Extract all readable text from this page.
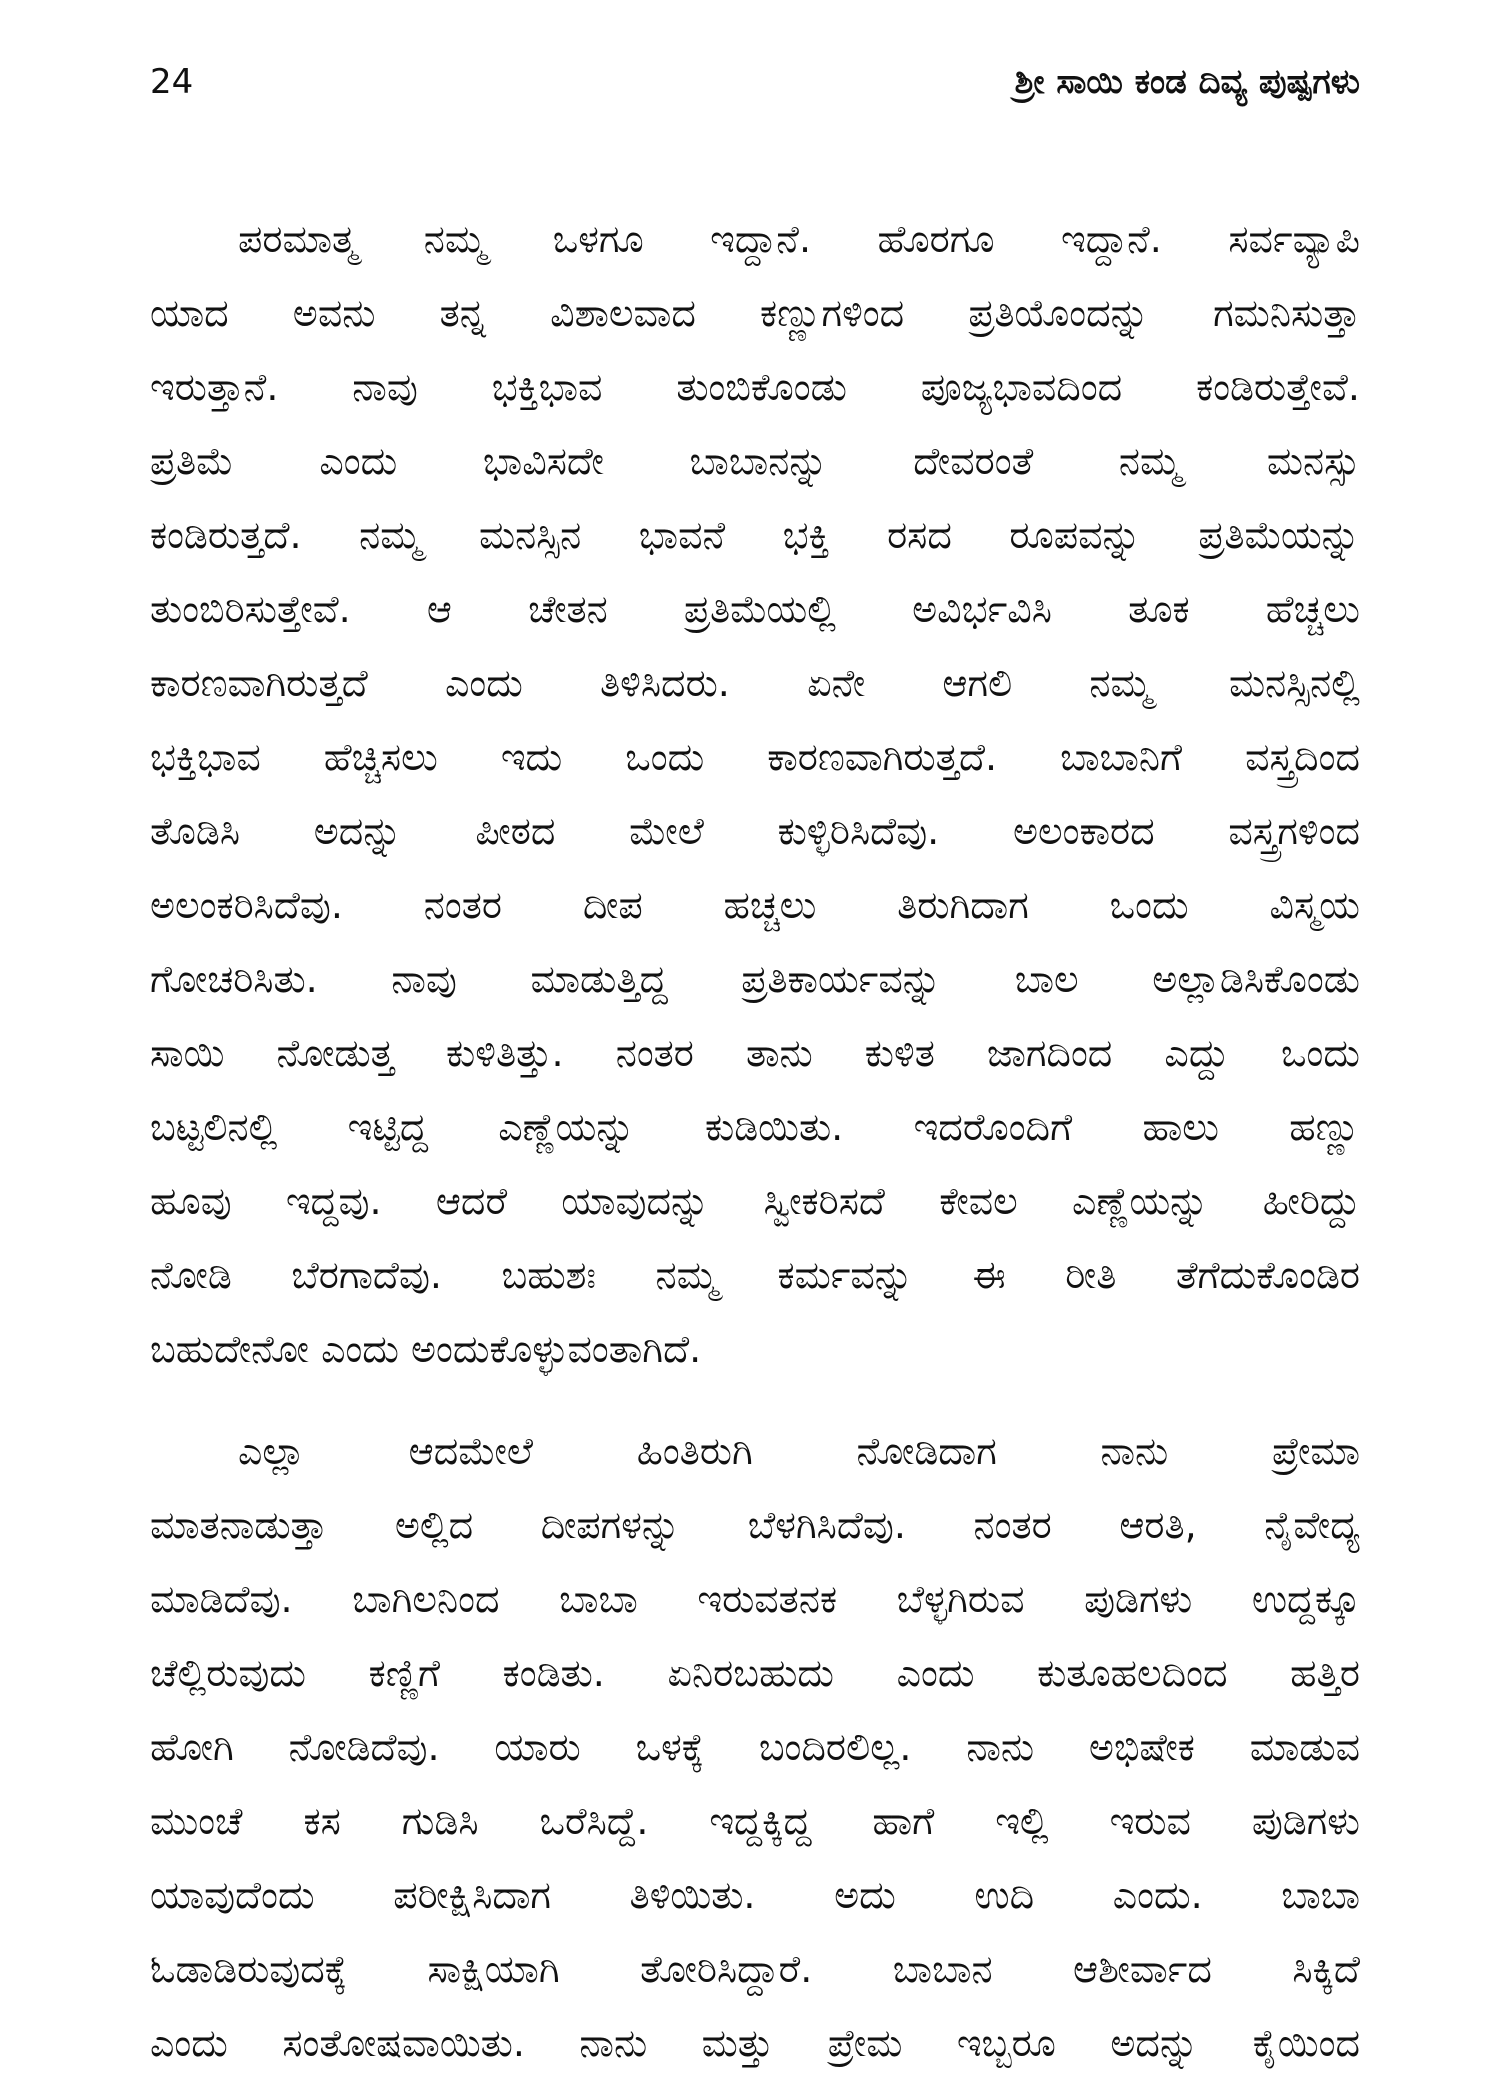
24	ಶ್ರೀ ಸಾಯಿ ಕಂಡ ದಿವ್ಯ ಪುಷ್ಪಗಳು

ಪರಮಾತ್ಮ ನಮ್ಮ ಒಳಗೂ ಇದ್ದಾನೆ. ಹೊರಗೂ ಇದ್ದಾನೆ. ಸರ್ವವ್ಯಾಪಿ
ಯಾದ ಅವನು ತನ್ನ ವಿಶಾಲವಾದ ಕಣ್ಣುಗಳಿಂದ ಪ್ರತಿಯೊಂದನ್ನು ಗಮನಿಸುತ್ತಾ
ಇರುತ್ತಾನೆ. ನಾವು ಭಕ್ತಿಭಾವ ತುಂಬಿಕೊಂಡು ಪೂಜ್ಯಭಾವದಿಂದ ಕಂಡಿರುತ್ತೇವೆ.
ಪ್ರತಿಮೆ ಎಂದು ಭಾವಿಸದೇ ಬಾಬಾನನ್ನು ದೇವರಂತೆ ನಮ್ಮ ಮನಸ್ಸು
ಕಂಡಿರುತ್ತದೆ. ನಮ್ಮ ಮನಸ್ಸಿನ ಭಾವನೆ ಭಕ್ತಿ ರಸದ ರೂಪವನ್ನು ಪ್ರತಿಮೆಯನ್ನು
ತುಂಬಿರಿಸುತ್ತೇವೆ. ಆ ಚೇತನ ಪ್ರತಿಮೆಯಲ್ಲಿ ಅವಿರ್ಭವಿಸಿ ತೂಕ ಹೆಚ್ಚಲು
ಕಾರಣವಾಗಿರುತ್ತದೆ ಎಂದು ತಿಳಿಸಿದರು. ಏನೇ ಆಗಲಿ ನಮ್ಮ ಮನಸ್ಸಿನಲ್ಲಿ
ಭಕ್ತಿಭಾವ ಹೆಚ್ಚಿಸಲು ಇದು ಒಂದು ಕಾರಣವಾಗಿರುತ್ತದೆ. ಬಾಬಾನಿಗೆ ವಸ್ತ್ರದಿಂದ
ತೊಡಿಸಿ ಅದನ್ನು ಪೀಠದ ಮೇಲೆ ಕುಳ್ಳಿರಿಸಿದೆವು. ಅಲಂಕಾರದ ವಸ್ತ್ರಗಳಿಂದ
ಅಲಂಕರಿಸಿದೆವು. ನಂತರ ದೀಪ ಹಚ್ಚಲು ತಿರುಗಿದಾಗ ಒಂದು ವಿಸ್ಮಯ
ಗೋಚರಿಸಿತು. ನಾವು ಮಾಡುತ್ತಿದ್ದ ಪ್ರತಿಕಾರ್ಯವನ್ನು ಬಾಲ ಅಲ್ಲಾಡಿಸಿಕೊಂಡು
ಸಾಯಿ ನೋಡುತ್ತ ಕುಳಿತಿತ್ತು. ನಂತರ ತಾನು ಕುಳಿತ ಜಾಗದಿಂದ ಎದ್ದು ಒಂದು
ಬಟ್ಟಲಿನಲ್ಲಿ ಇಟ್ಟಿದ್ದ ಎಣ್ಣೆಯನ್ನು ಕುಡಿಯಿತು. ಇದರೊಂದಿಗೆ ಹಾಲು ಹಣ್ಣು
ಹೂವು ಇದ್ದವು. ಆದರೆ ಯಾವುದನ್ನು ಸ್ವೀಕರಿಸದೆ ಕೇವಲ ಎಣ್ಣೆಯನ್ನು ಹೀರಿದ್ದು
ನೋಡಿ ಬೆರಗಾದೆವು. ಬಹುಶಃ ನಮ್ಮ ಕರ್ಮವನ್ನು ಈ ರೀತಿ ತೆಗೆದುಕೊಂಡಿರ
ಬಹುದೇನೋ ಎಂದು ಅಂದುಕೊಳ್ಳುವಂತಾಗಿದೆ.

ಎಲ್ಲಾ ಆದಮೇಲೆ ಹಿಂತಿರುಗಿ ನೋಡಿದಾಗ ನಾನು ಪ್ರೇಮಾ
ಮಾತನಾಡುತ್ತಾ ಅಲ್ಲಿದ ದೀಪಗಳನ್ನು ಬೆಳಗಿಸಿದೆವು. ನಂತರ ಆರತಿ, ನೈವೇದ್ಯ
ಮಾಡಿದೆವು. ಬಾಗಿಲನಿಂದ ಬಾಬಾ ಇರುವತನಕ ಬೆಳ್ಳಗಿರುವ ಪುಡಿಗಳು ಉದ್ದಕ್ಕೂ
ಚೆಲ್ಲಿರುವುದು ಕಣ್ಣಿಗೆ ಕಂಡಿತು. ಏನಿರಬಹುದು ಎಂದು ಕುತೂಹಲದಿಂದ ಹತ್ತಿರ
ಹೋಗಿ ನೋಡಿದೆವು. ಯಾರು ಒಳಕ್ಕೆ ಬಂದಿರಲಿಲ್ಲ. ನಾನು ಅಭಿಷೇಕ ಮಾಡುವ
ಮುಂಚೆ ಕಸ ಗುಡಿಸಿ ಒರೆಸಿದ್ದೆ. ಇದ್ದಕ್ಕಿದ್ದ ಹಾಗೆ ಇಲ್ಲಿ ಇರುವ ಪುಡಿಗಳು
ಯಾವುದೆಂದು ಪರೀಕ್ಷಿಸಿದಾಗ ತಿಳಿಯಿತು. ಅದು ಉದಿ ಎಂದು. ಬಾಬಾ
ಓಡಾಡಿರುವುದಕ್ಕೆ ಸಾಕ್ಷಿಯಾಗಿ ತೋರಿಸಿದ್ದಾರೆ. ಬಾಬಾನ ಆಶೀರ್ವಾದ ಸಿಕ್ಕಿದೆ
ಎಂದು ಸಂತೋಷವಾಯಿತು. ನಾನು ಮತ್ತು ಪ್ರೇಮ ಇಬ್ಬರೂ ಅದನ್ನು ಕೈಯಿಂದ
